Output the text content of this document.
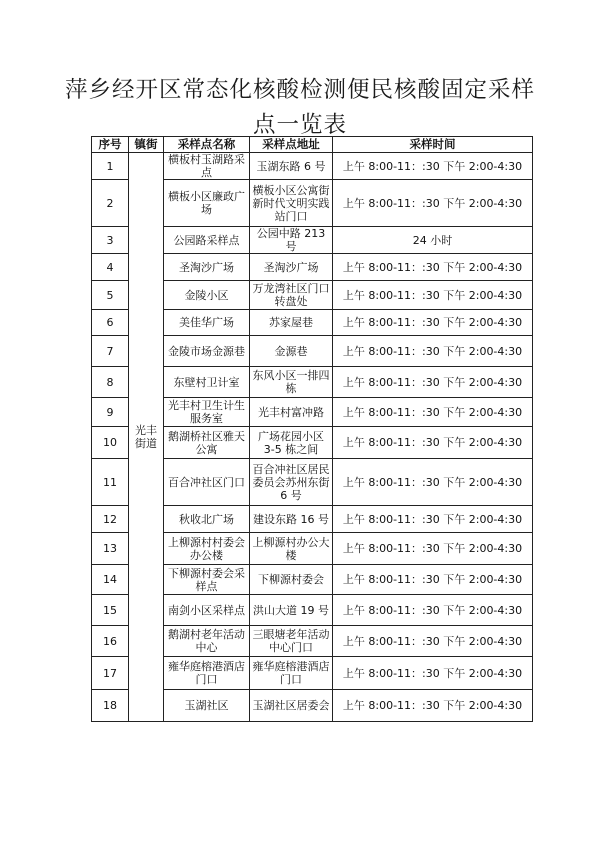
萍乡经开区常态化核酸检测便民核酸固定采样点一览表
序号	镇街	采样点名称	采样点地址	采样时间
1	光丰街道	横板村玉湖路采点	玉湖东路 6 号	上午 8:00-11：:30 下午 2:00-4:30
2		横板小区廉政广场	横板小区公寓街新时代文明实践站门口	上午 8:00-11：:30 下午 2:00-4:30
3		公园路采样点	公园中路 213 号	24 小时
4		圣淘沙广场	圣淘沙广场	上午 8:00-11：:30 下午 2:00-4:30
5		金陵小区	万龙湾社区门口转盘处	上午 8:00-11：:30 下午 2:00-4:30
6		美佳华广场	苏家屋巷	上午 8:00-11：:30 下午 2:00-4:30
7		金陵市场金源巷	金源巷	上午 8:00-11：:30 下午 2:00-4:30
8		东壁村卫计室	东风小区一排四栋	上午 8:00-11：:30 下午 2:00-4:30
9		光丰村卫生计生服务室	光丰村富冲路	上午 8:00-11：:30 下午 2:00-4:30
10		鹅湖桥社区雅天公寓	广场花园小区 3-5 栋之间	上午 8:00-11：:30 下午 2:00-4:30
11		百合冲社区门口	百合冲社区居民委员会苏州东街 6 号	上午 8:00-11：:30 下午 2:00-4:30
12		秋收北广场	建设东路 16 号	上午 8:00-11：:30 下午 2:00-4:30
13		上柳源村村委会办公楼	上柳源村办公大楼	上午 8:00-11：:30 下午 2:00-4:30
14		下柳源村委会采样点	下柳源村委会	上午 8:00-11：:30 下午 2:00-4:30
15		南剑小区采样点	洪山大道 19 号	上午 8:00-11：:30 下午 2:00-4:30
16		鹅湖村老年活动中心	三眼塘老年活动中心门口	上午 8:00-11：:30 下午 2:00-4:30
17		雍华庭榕港酒店门口	雍华庭榕港酒店门口	上午 8:00-11：:30 下午 2:00-4:30
18		玉湖社区	玉湖社区居委会	上午 8:00-11：:30 下午 2:00-4:30
